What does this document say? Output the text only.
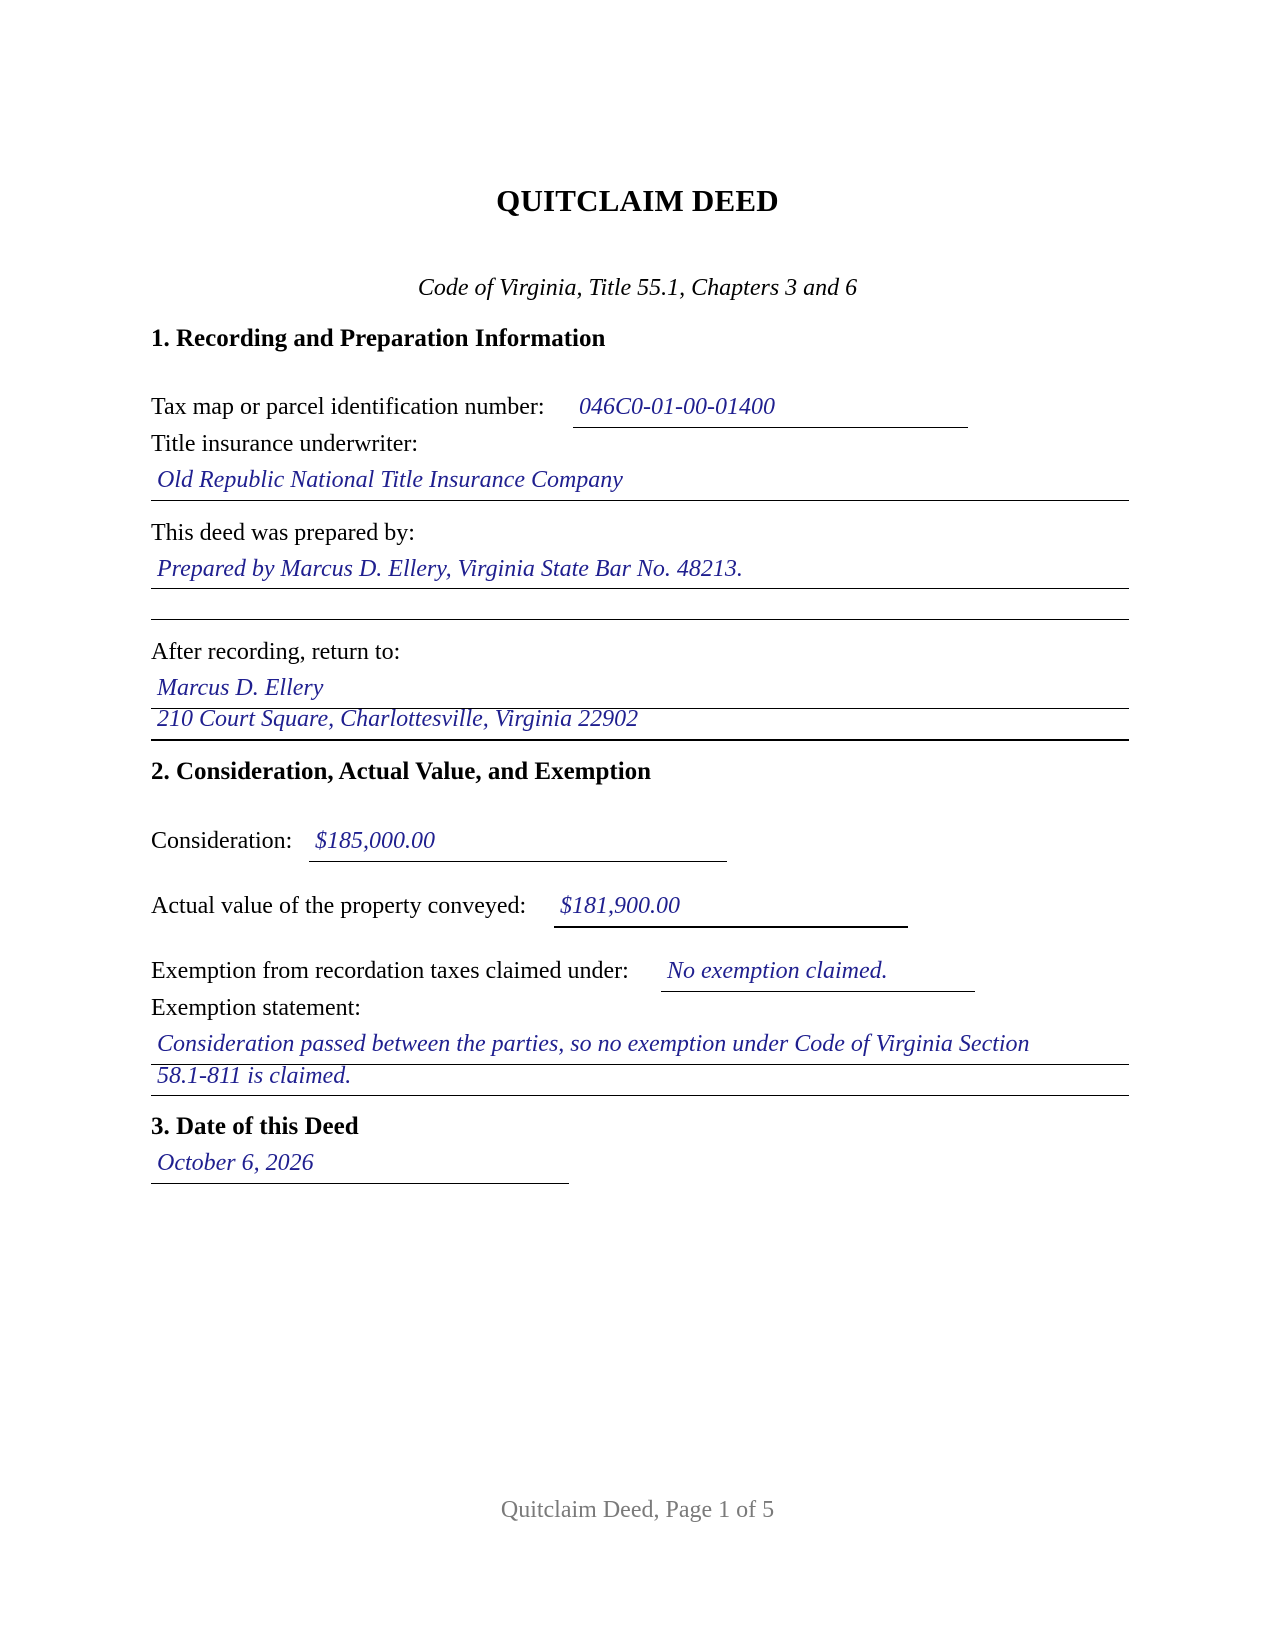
QUITCLAIM DEED
Code of Virginia, Title 55.1, Chapters 3 and 6
1. Recording and Preparation Information
Tax map or parcel identification number: 046C0-01-00-01400
Title insurance underwriter:
Old Republic National Title Insurance Company
This deed was prepared by:
Prepared by Marcus D. Ellery, Virginia State Bar No. 48213.
After recording, return to:
Marcus D. Ellery
210 Court Square, Charlottesville, Virginia 22902
2. Consideration, Actual Value, and Exemption
Consideration: $185,000.00
Actual value of the property conveyed: $181,900.00
Exemption from recordation taxes claimed under: No exemption claimed.
Exemption statement:
Consideration passed between the parties, so no exemption under Code of Virginia Section
58.1-811 is claimed.
3. Date of this Deed
October 6, 2026
Quitclaim Deed, Page 1 of 5
